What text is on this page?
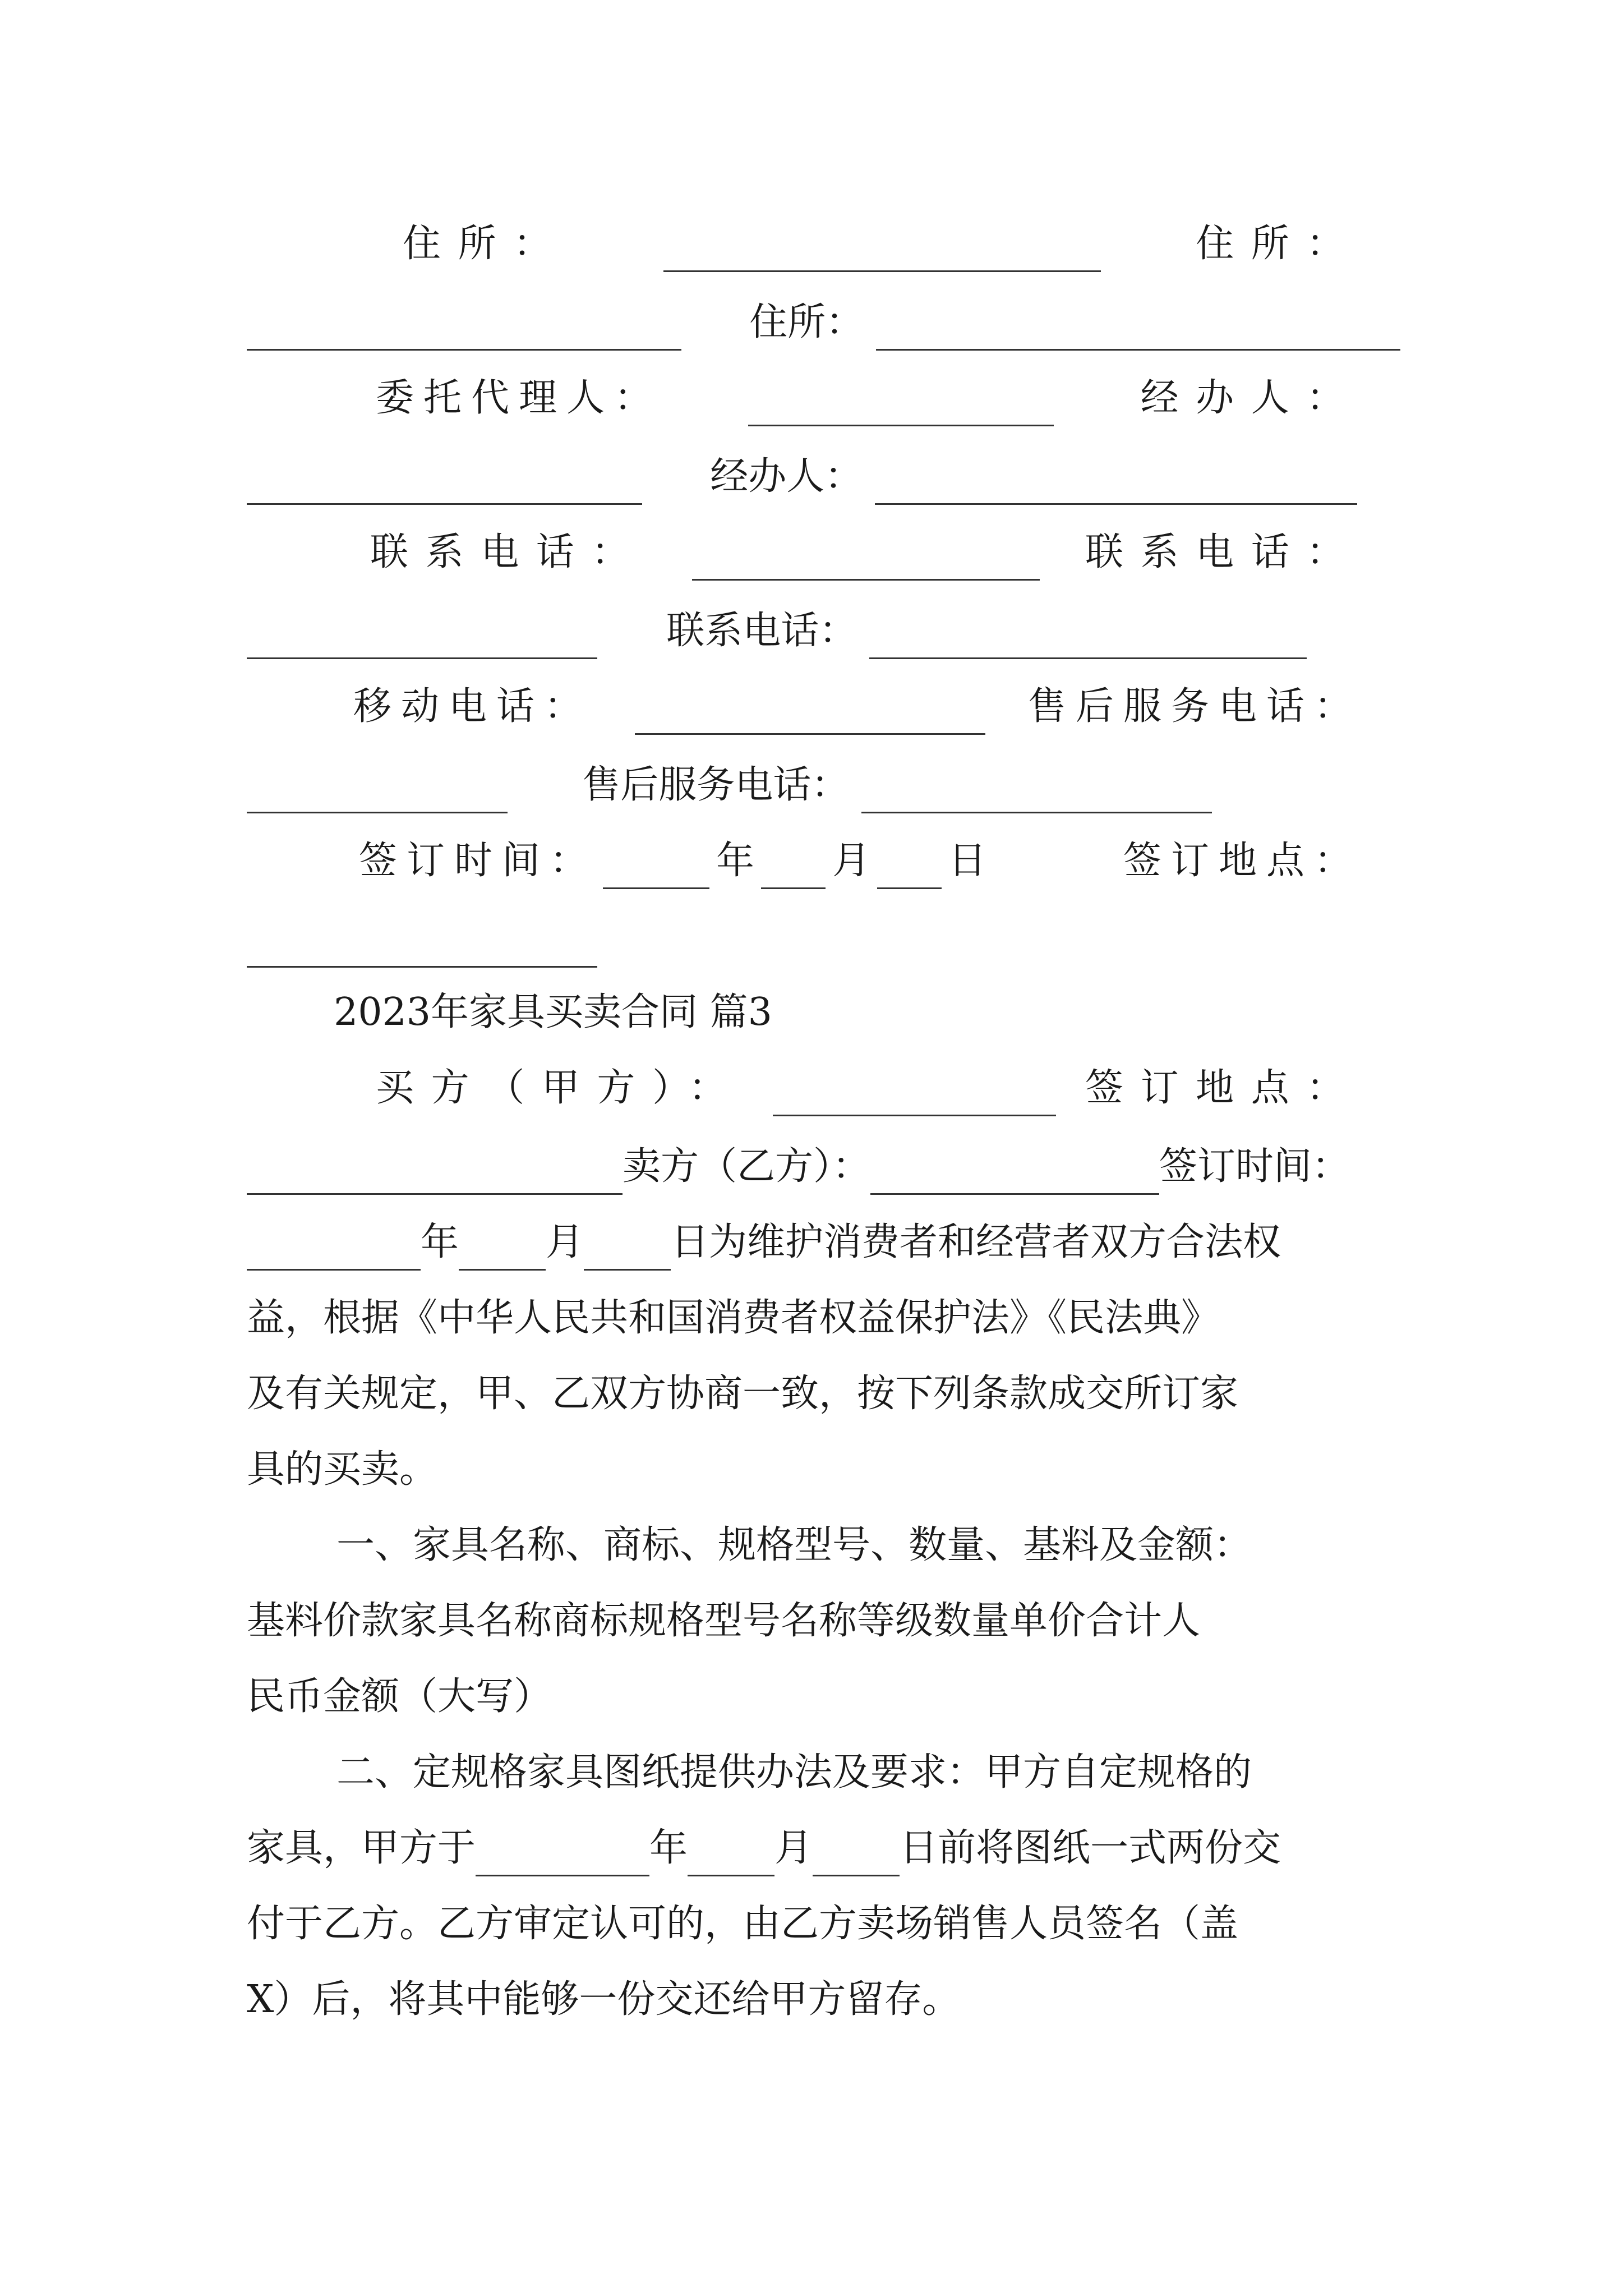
住所：	住所：
住所：
委托代理人：	经办人：
经办人：
联系电话：	联系电话：
联系电话：
移动电话：	售后服务电话：
售后服务电话：
签订时间：	年 月 日	签订地点：
2023年家具买卖合同 篇3
买方（甲方）：	签订地点：
卖方（乙方）：	签订时间：
年 月 日为维护消费者和经营者双方合法权
益，根据《中华人民共和国消费者权益保护法》《民法典》
及有关规定，甲、乙双方协商一致，按下列条款成交所订家
具的买卖。
一、家具名称、商标、规格型号、数量、基料及金额：
基料价款家具名称商标规格型号名称等级数量单价合计人
民币金额（大写）
二、定规格家具图纸提供办法及要求：甲方自定规格的
家具，甲方于	年 月 日前将图纸一式两份交
付于乙方。乙方审定认可的，由乙方卖场销售人员签名（盖
X）后，将其中能够一份交还给甲方留存。
